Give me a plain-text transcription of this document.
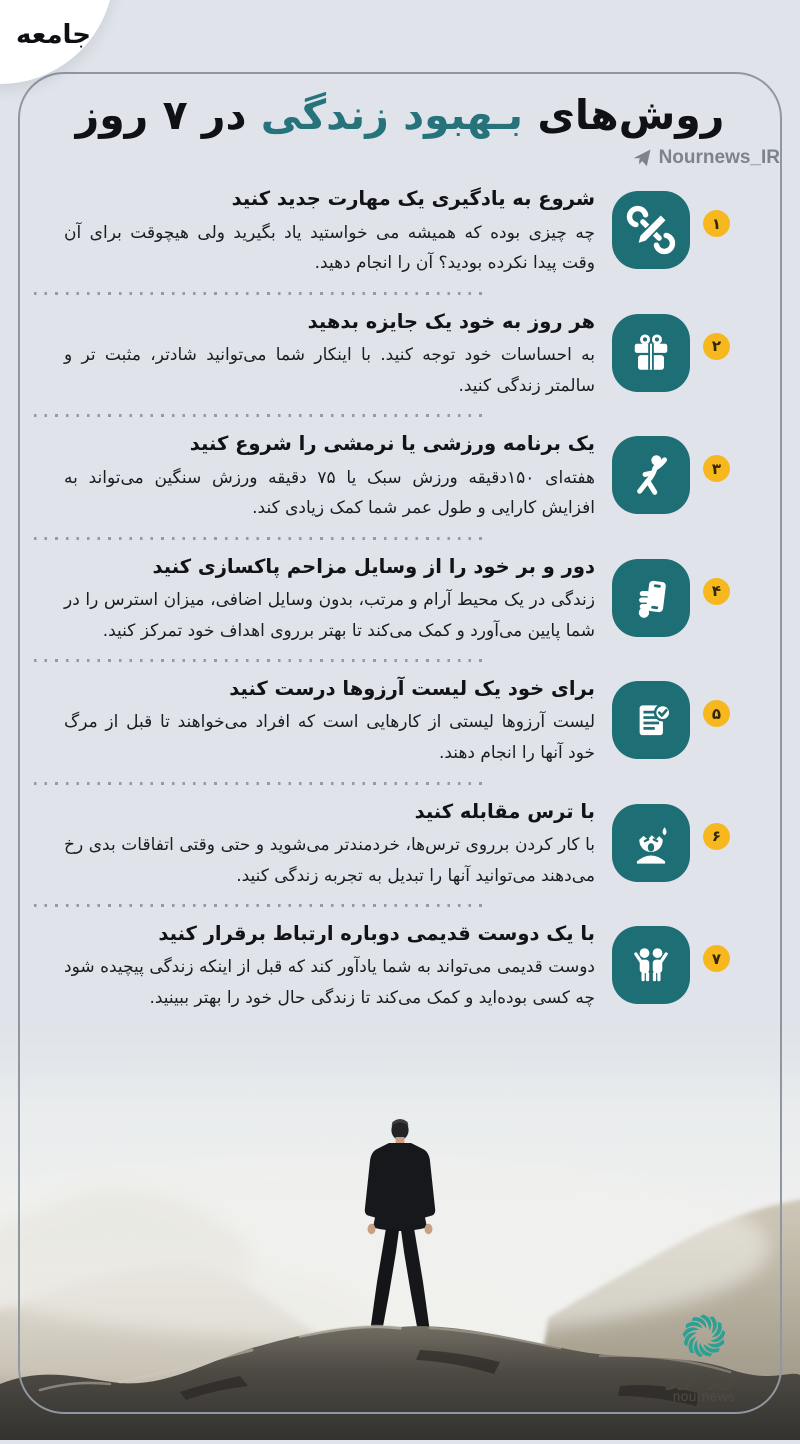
جامعه
روش‌های بـهبود زندگی در ۷ روز
Nournews_IR
۱
شروع به یادگیری یک مهارت جدید کنید

چه چیزی بوده که همیشه می خواستید یاد بگیرید ولی هیچوقت برای آن وقت پیدا نکرده بودید؟ آن را انجام دهید.

۲
هر روز به خود یک جایزه بدهید

به احساسات خود توجه کنید. با اینکار شما می‌توانید شادتر، مثبت تر و سالمتر زندگی کنید.

۳
یک برنامه ورزشی یا نرمشی را شروع کنید

هفته‌ای ۱۵۰دقیقه ورزش سبک یا ۷۵ دقیقه ورزش سنگین می‌تواند به افزایش کارایی و طول عمر شما کمک زیادی کند.

۴
دور و بر خود را از وسایل مزاحم پاکسازی کنید

زندگی در یک محیط آرام و مرتب، بدون وسایل اضافی، میزان استرس را در شما پایین می‌آورد و کمک می‌کند تا بهتر برروی اهداف خود تمرکز کنید.

۵
برای خود یک لیست آرزوها درست کنید

لیست آرزوها لیستی از کارهایی است که افراد می‌خواهند تا قبل از مرگ خود آنها را انجام دهند.

۶
با ترس مقابله کنید

با کار کردن برروی ترس‌ها، خردمندتر می‌شوید و حتی وقتی اتفاقات بدی رخ می‌دهند می‌توانید آنها را تبدیل به تجربه زندگی کنید.

۷
با یک دوست قدیمی دوباره ارتباط برقرار کنید

دوست قدیمی می‌تواند به شما یادآور کند که قبل از اینکه زندگی پیچیده شود چه کسی بوده‌اید و کمک می‌کند تا زندگی حال خود را بهتر ببینید.

نورنیوز
nournews
